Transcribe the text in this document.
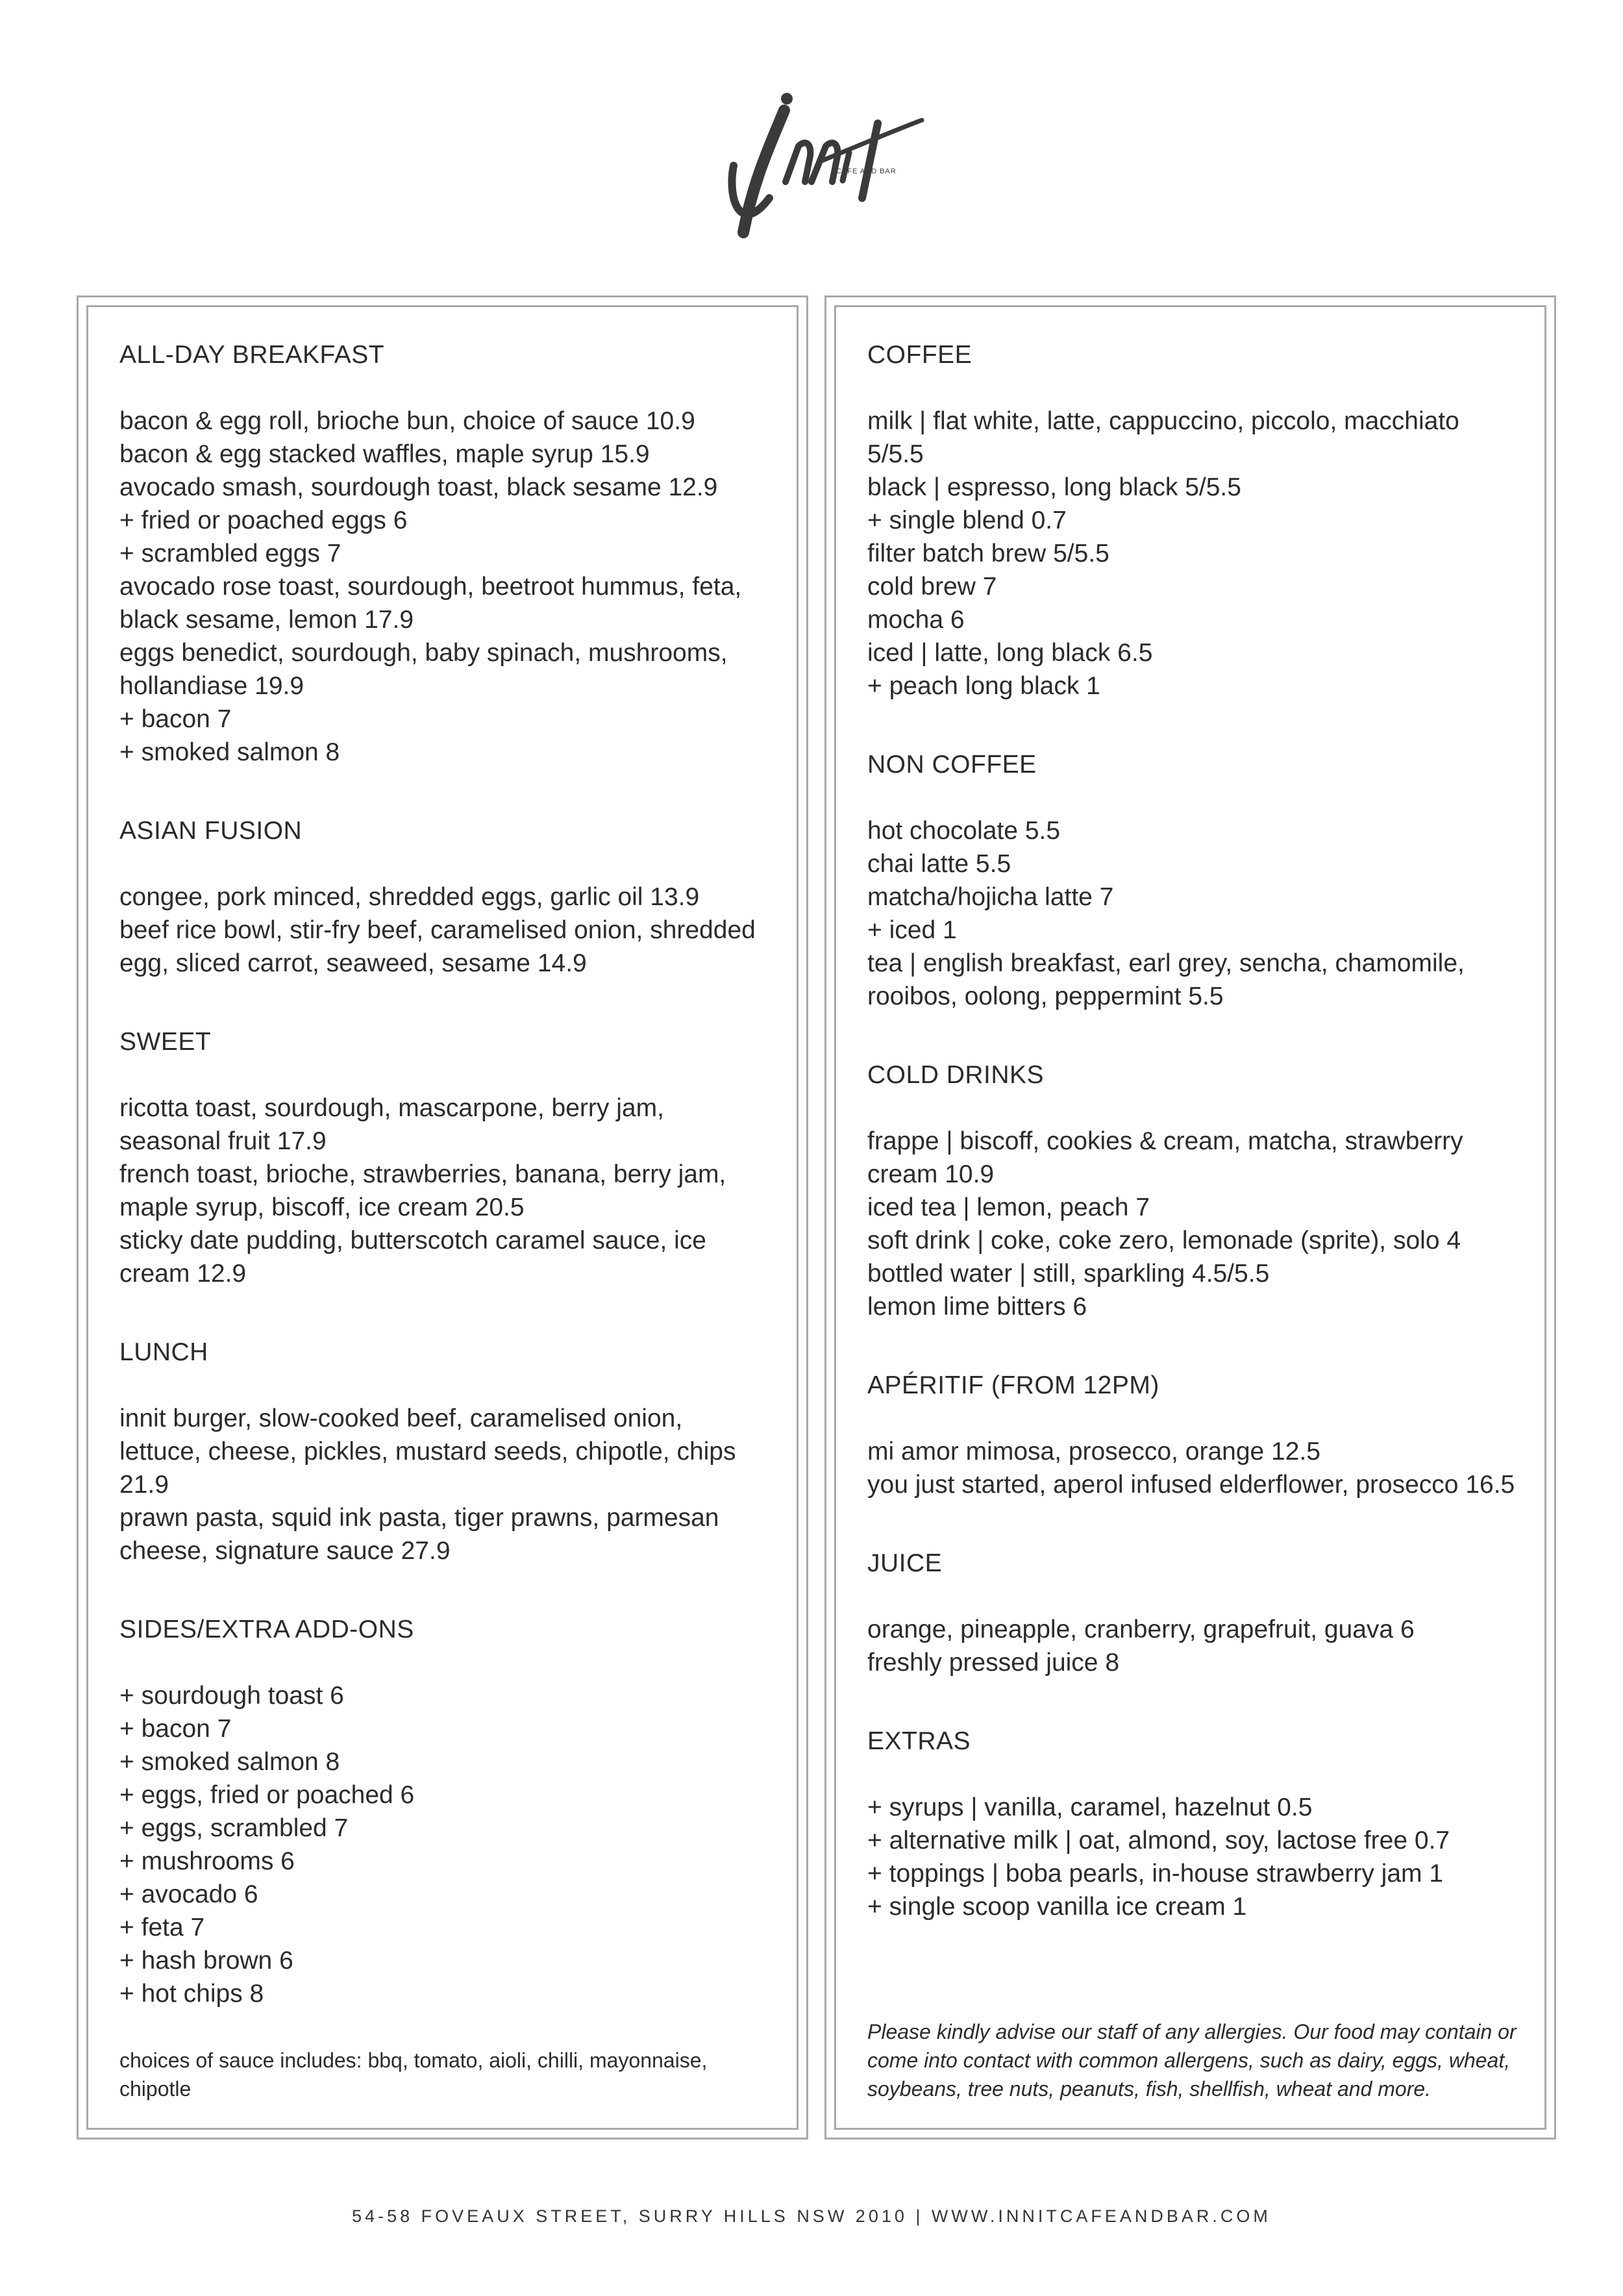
CAFE AND BAR
ALL-DAY BREAKFAST
bacon & egg roll, brioche bun, choice of sauce 10.9
bacon & egg stacked waffles, maple syrup 15.9
avocado smash, sourdough toast, black sesame 12.9
+ fried or poached eggs 6
+ scrambled eggs 7
avocado rose toast, sourdough, beetroot hummus, feta, black sesame, lemon 17.9
eggs benedict, sourdough, baby spinach, mushrooms, hollandiase 19.9
+ bacon 7
+ smoked salmon 8
ASIAN FUSION
congee, pork minced, shredded eggs, garlic oil 13.9
beef rice bowl, stir-fry beef, caramelised onion, shredded egg, sliced carrot, seaweed, sesame 14.9
SWEET
ricotta toast, sourdough, mascarpone, berry jam, seasonal fruit 17.9
french toast, brioche, strawberries, banana, berry jam, maple syrup, biscoff, ice cream 20.5
sticky date pudding, butterscotch caramel sauce, ice cream 12.9
LUNCH
innit burger, slow-cooked beef, caramelised onion, lettuce, cheese, pickles, mustard seeds, chipotle, chips 21.9
prawn pasta, squid ink pasta, tiger prawns, parmesan cheese, signature sauce 27.9
SIDES/EXTRA ADD-ONS
+ sourdough toast 6
+ bacon 7
+ smoked salmon 8
+ eggs, fried or poached 6
+ eggs, scrambled 7
+ mushrooms 6
+ avocado 6
+ feta 7
+ hash brown 6
+ hot chips 8
choices of sauce includes: bbq, tomato, aioli, chilli, mayonnaise, chipotle
COFFEE
milk | flat white, latte, cappuccino, piccolo, macchiato 5/5.5
black | espresso, long black 5/5.5
+ single blend 0.7
filter batch brew 5/5.5
cold brew 7
mocha 6
iced | latte, long black 6.5
+ peach long black 1
NON COFFEE
hot chocolate 5.5
chai latte 5.5
matcha/hojicha latte 7
+ iced 1
tea | english breakfast, earl grey, sencha, chamomile, rooibos, oolong, peppermint 5.5
COLD DRINKS
frappe | biscoff, cookies & cream, matcha, strawberry cream 10.9
iced tea | lemon, peach 7
soft drink | coke, coke zero, lemonade (sprite), solo 4
bottled water | still, sparkling 4.5/5.5
lemon lime bitters 6
APÉRITIF (FROM 12PM)
mi amor mimosa, prosecco, orange 12.5
you just started, aperol infused elderflower, prosecco 16.5
JUICE
orange, pineapple, cranberry, grapefruit, guava 6
freshly pressed juice 8
EXTRAS
+ syrups | vanilla, caramel, hazelnut 0.5
+ alternative milk | oat, almond, soy, lactose free 0.7
+ toppings | boba pearls, in-house strawberry jam 1
+ single scoop vanilla ice cream 1
Please kindly advise our staff of any allergies. Our food may contain or come into contact with common allergens, such as dairy, eggs, wheat, soybeans, tree nuts, peanuts, fish, shellfish, wheat and more.
54-58 FOVEAUX STREET, SURRY HILLS NSW 2010 | WWW.INNITCAFEANDBAR.COM
